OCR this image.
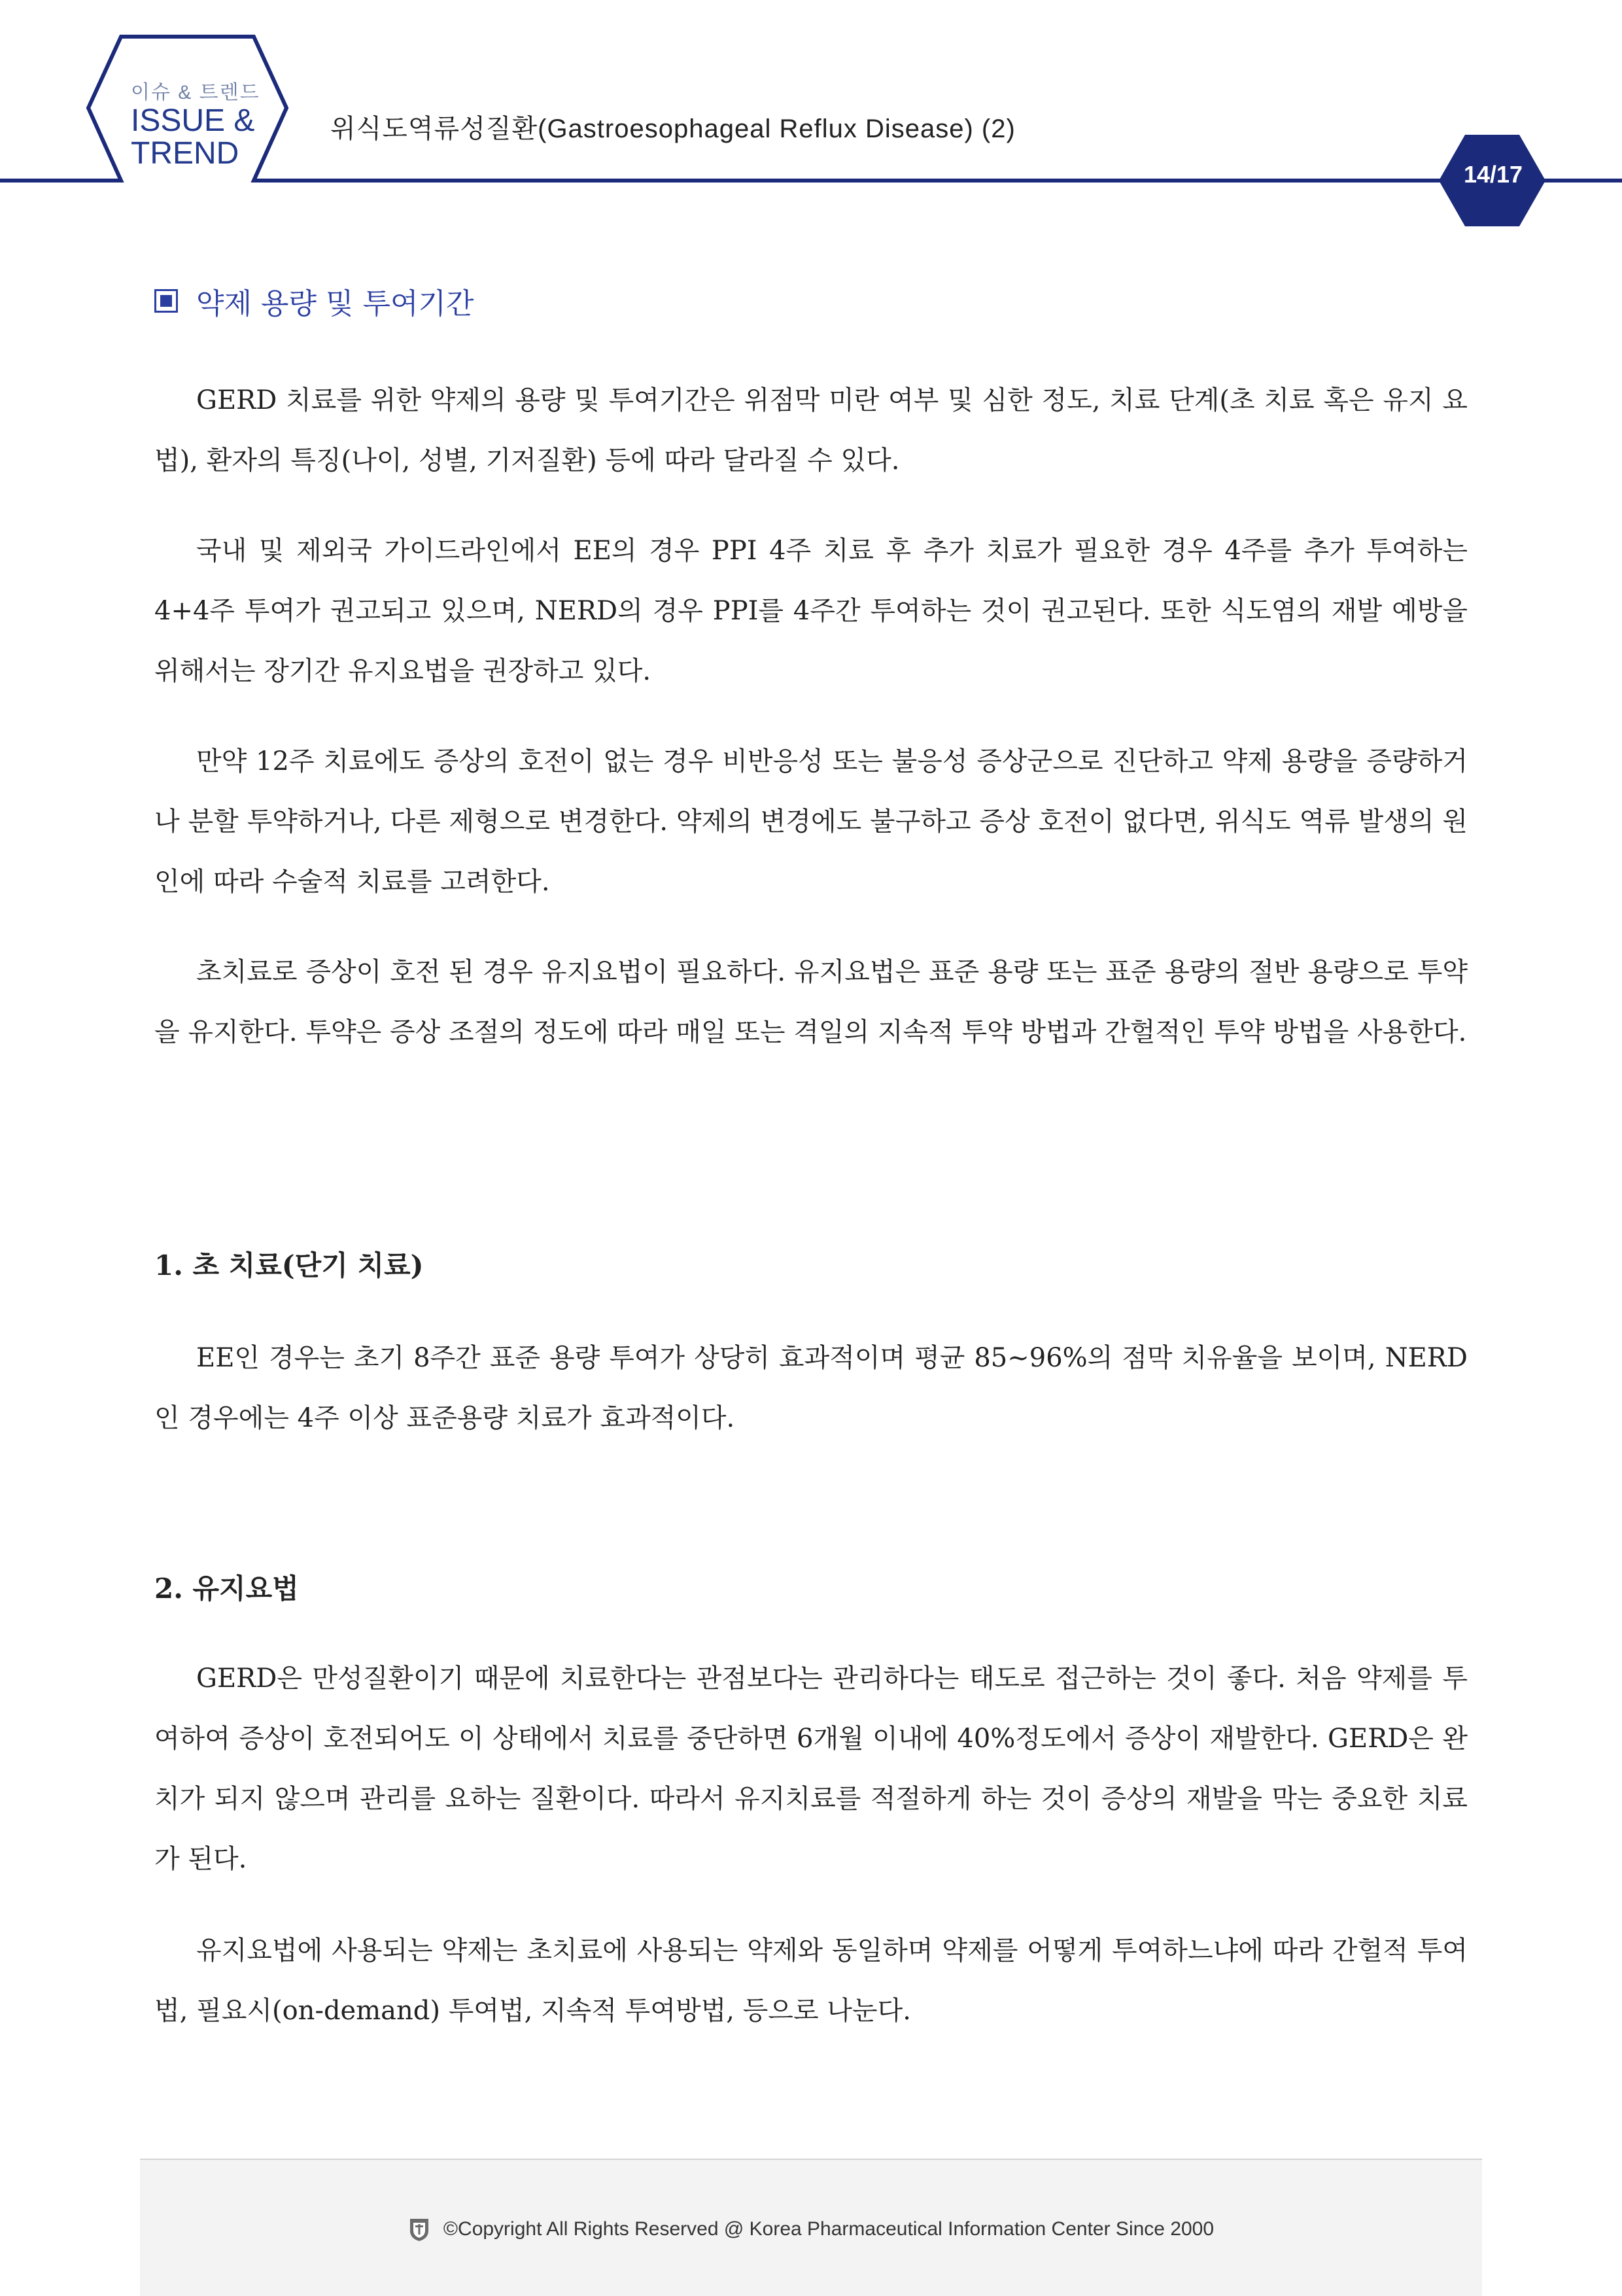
이슈 & 트렌드
ISSUE &
TREND
위식도역류성질환(Gastroesophageal Reflux Disease) (2)
14/17
약제 용량 및 투여기간

GERD 치료를 위한 약제의 용량 및 투여기간은 위점막 미란 여부 및 심한 정도, 치료 단계(초 치료 혹은 유지 요법), 환자의 특징(나이, 성별, 기저질환) 등에 따라 달라질 수 있다.

국내 및 제외국 가이드라인에서 EE의 경우 PPI 4주 치료 후 추가 치료가 필요한 경우 4주를 추가 투여하는 4+4주 투여가 권고되고 있으며, NERD의 경우 PPI를 4주간 투여하는 것이 권고된다. 또한 식도염의 재발 예방을 위해서는 장기간 유지요법을 권장하고 있다.

만약 12주 치료에도 증상의 호전이 없는 경우 비반응성 또는 불응성 증상군으로 진단하고 약제 용량을 증량하거나 분할 투약하거나, 다른 제형으로 변경한다. 약제의 변경에도 불구하고 증상 호전이 없다면, 위식도 역류 발생의 원인에 따라 수술적 치료를 고려한다.

초치료로 증상이 호전 된 경우 유지요법이 필요하다. 유지요법은 표준 용량 또는 표준 용량의 절반 용량으로 투약을 유지한다. 투약은 증상 조절의 정도에 따라 매일 또는 격일의 지속적 투약 방법과 간헐적인 투약 방법을 사용한다.

1. 초 치료(단기 치료)

EE인 경우는 초기 8주간 표준 용량 투여가 상당히 효과적이며 평균 85~96%의 점막 치유율을 보이며, NERD인 경우에는 4주 이상 표준용량 치료가 효과적이다.

2. 유지요법

GERD은 만성질환이기 때문에 치료한다는 관점보다는 관리하다는 태도로 접근하는 것이 좋다. 처음 약제를 투여하여 증상이 호전되어도 이 상태에서 치료를 중단하면 6개월 이내에 40%정도에서 증상이 재발한다. GERD은 완치가 되지 않으며 관리를 요하는 질환이다. 따라서 유지치료를 적절하게 하는 것이 증상의 재발을 막는 중요한 치료가 된다.

유지요법에 사용되는 약제는 초치료에 사용되는 약제와 동일하며 약제를 어떻게 투여하느냐에 따라 간헐적 투여법, 필요시(on-demand) 투여법, 지속적 투여방법, 등으로 나눈다.

©Copyright All Rights Reserved @ Korea Pharmaceutical Information Center Since 2000
